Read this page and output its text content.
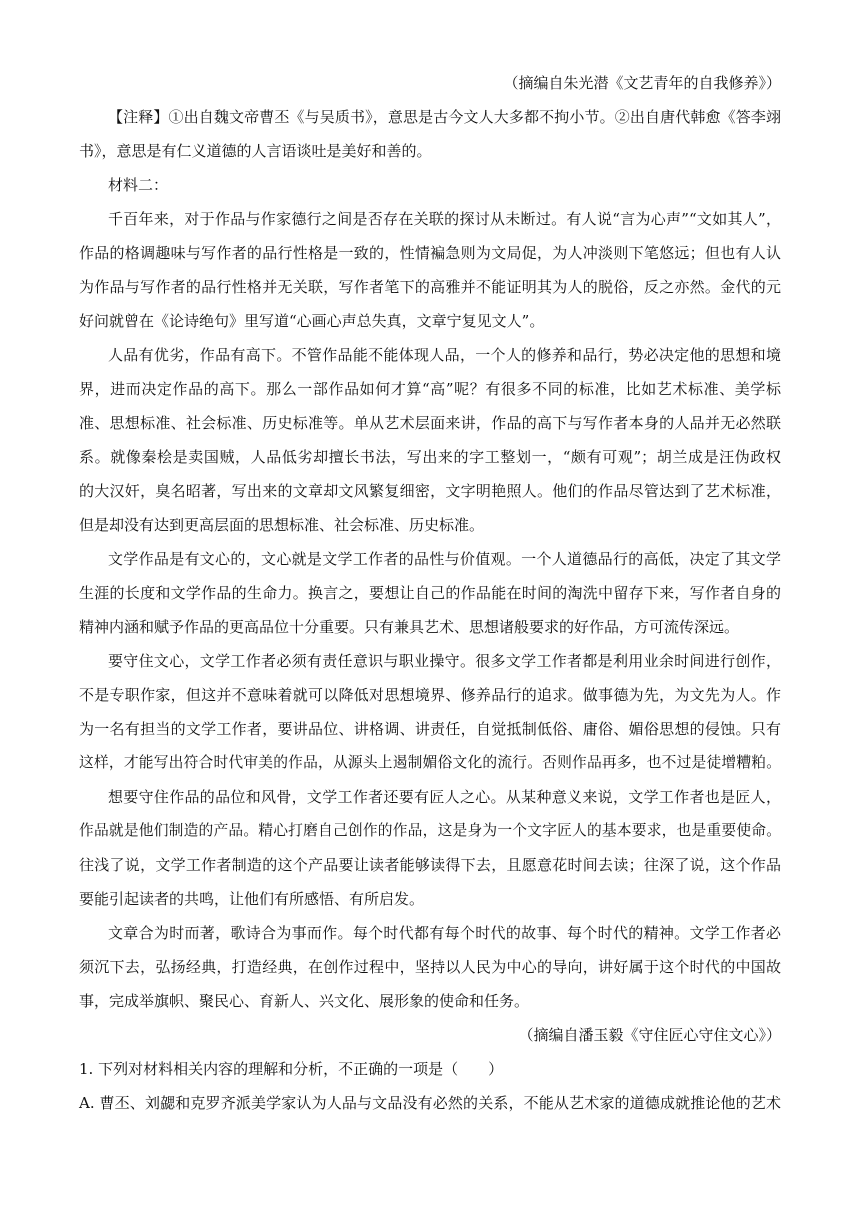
（摘编自朱光潜《文艺青年的自我修养》）

【注释】①出自魏文帝曹丕《与吴质书》，意思是古今文人大多都不拘小节。②出自唐代韩愈《答李翊

书》，意思是有仁义道德的人言语谈吐是美好和善的。

材料二：

千百年来，对于作品与作家德行之间是否存在关联的探讨从未断过。有人说“言为心声”“文如其人”，

作品的格调趣味与写作者的品行性格是一致的，性情褊急则为文局促，为人冲淡则下笔悠远；但也有人认

为作品与写作者的品行性格并无关联，写作者笔下的高雅并不能证明其为人的脱俗，反之亦然。金代的元

好问就曾在《论诗绝句》里写道“心画心声总失真，文章宁复见文人”。

人品有优劣，作品有高下。不管作品能不能体现人品，一个人的修养和品行，势必决定他的思想和境

界，进而决定作品的高下。那么一部作品如何才算“高”呢？有很多不同的标准，比如艺术标准、美学标

准、思想标准、社会标准、历史标准等。单从艺术层面来讲，作品的高下与写作者本身的人品并无必然联

系。就像秦桧是卖国贼，人品低劣却擅长书法，写出来的字工整划一，“颇有可观”；胡兰成是汪伪政权

的大汉奸，臭名昭著，写出来的文章却文风繁复细密，文字明艳照人。他们的作品尽管达到了艺术标准，

但是却没有达到更高层面的思想标准、社会标准、历史标准。

文学作品是有文心的，文心就是文学工作者的品性与价值观。一个人道德品行的高低，决定了其文学

生涯的长度和文学作品的生命力。换言之，要想让自己的作品能在时间的淘洗中留存下来，写作者自身的

精神内涵和赋予作品的更高品位十分重要。只有兼具艺术、思想诸般要求的好作品，方可流传深远。

要守住文心，文学工作者必须有责任意识与职业操守。很多文学工作者都是利用业余时间进行创作，

不是专职作家，但这并不意味着就可以降低对思想境界、修养品行的追求。做事德为先，为文先为人。作

为一名有担当的文学工作者，要讲品位、讲格调、讲责任，自觉抵制低俗、庸俗、媚俗思想的侵蚀。只有

这样，才能写出符合时代审美的作品，从源头上遏制媚俗文化的流行。否则作品再多，也不过是徒增糟粕。

想要守住作品的品位和风骨，文学工作者还要有匠人之心。从某种意义来说，文学工作者也是匠人，

作品就是他们制造的产品。精心打磨自己创作的作品，这是身为一个文字匠人的基本要求，也是重要使命。

往浅了说，文学工作者制造的这个产品要让读者能够读得下去，且愿意花时间去读；往深了说，这个作品

要能引起读者的共鸣，让他们有所感悟、有所启发。

文章合为时而著，歌诗合为事而作。每个时代都有每个时代的故事、每个时代的精神。文学工作者必

须沉下去，弘扬经典，打造经典，在创作过程中，坚持以人民为中心的导向，讲好属于这个时代的中国故

事，完成举旗帜、聚民心、育新人、兴文化、展形象的使命和任务。

（摘编自潘玉毅《守住匠心守住文心》）

1. 下列对材料相关内容的理解和分析，不正确的一项是（　　）

A. 曹丕、刘勰和克罗齐派美学家认为人品与文品没有必然的关系，不能从艺术家的道德成就推论他的艺术
